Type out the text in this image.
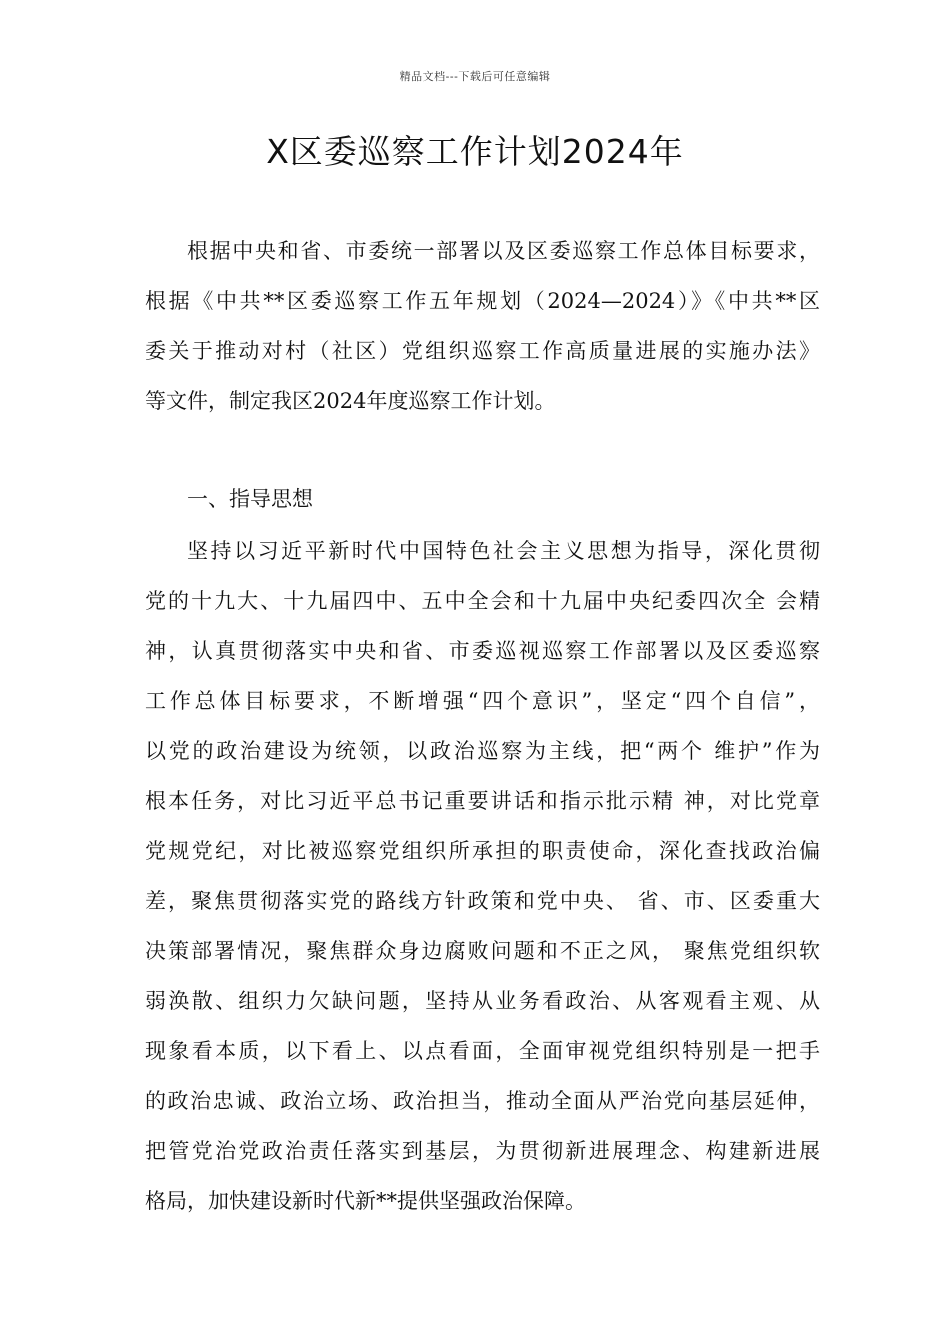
精品文档---下载后可任意编辑
X区委巡察工作计划2024年
根据中央和省、市委统一部署以及区委巡察工作总体目标要求，
根据《中共**区委巡察工作五年规划（2024—2024）》《中共**区
委关于推动对村（社区）党组织巡察工作高质量进展的实施办法》
等文件，制定我区2024年度巡察工作计划。
一、指导思想
坚持以习近平新时代中国特色社会主义思想为指导，深化贯彻
党的十九大、十九届四中、五中全会和十九届中央纪委四次全 会精
神，认真贯彻落实中央和省、市委巡视巡察工作部署以及区委巡察
工作总体目标要求，不断增强“四个意识”，坚定“四个自信”，
以党的政治建设为统领，以政治巡察为主线，把“两个 维护”作为
根本任务，对比习近平总书记重要讲话和指示批示精 神，对比党章
党规党纪，对比被巡察党组织所承担的职责使命，深化查找政治偏
差，聚焦贯彻落实党的路线方针政策和党中央、 省、市、区委重大
决策部署情况，聚焦群众身边腐败问题和不正之风， 聚焦党组织软
弱涣散、组织力欠缺问题，坚持从业务看政治、从客观看主观、从
现象看本质，以下看上、以点看面，全面审视党组织特别是一把手
的政治忠诚、政治立场、政治担当，推动全面从严治党向基层延伸，
把管党治党政治责任落实到基层，为贯彻新进展理念、构建新进展
格局，加快建设新时代新**提供坚强政治保障。
